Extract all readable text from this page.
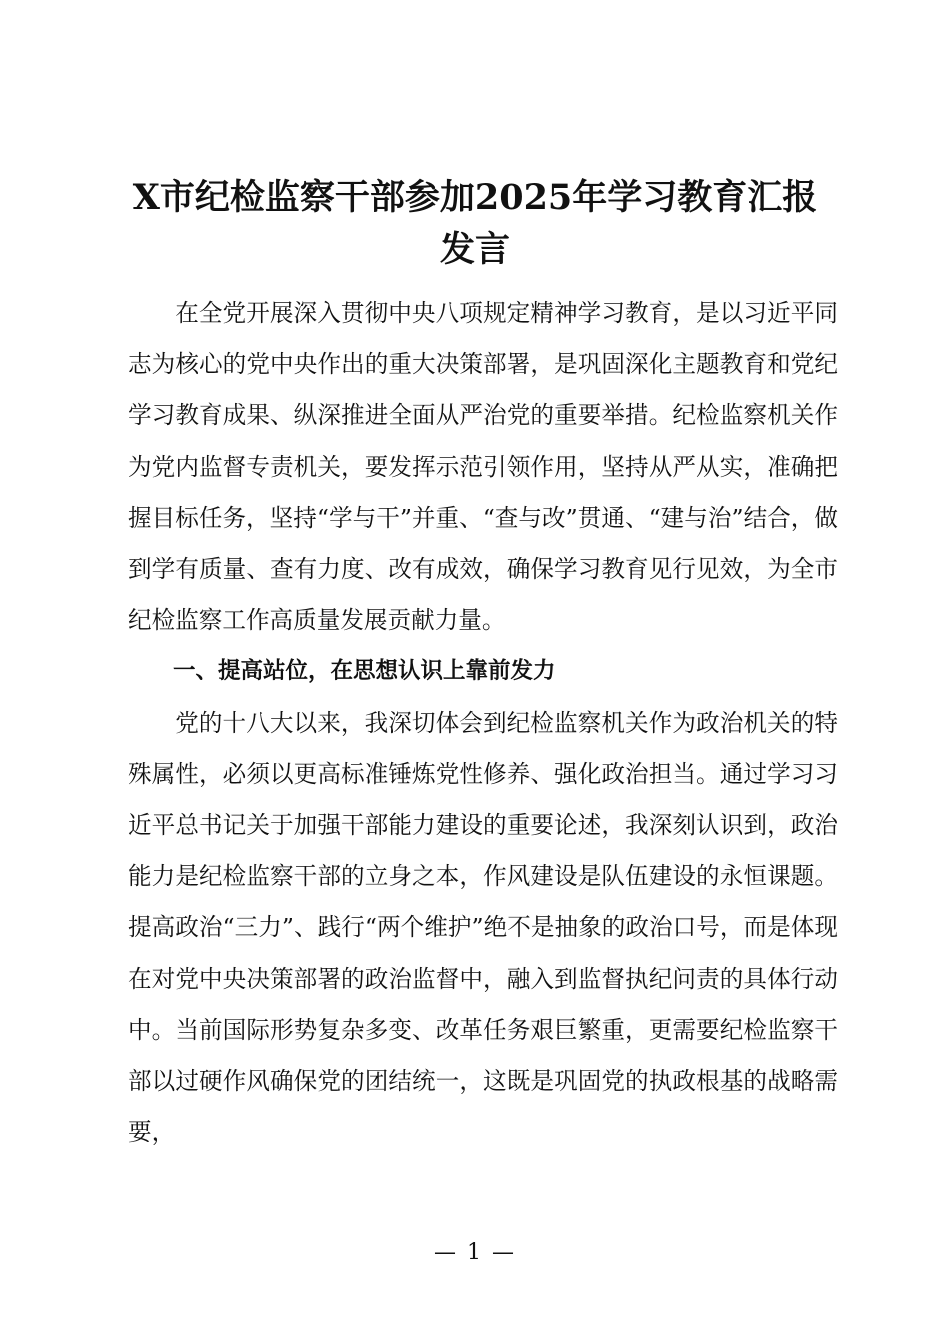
X市纪检监察干部参加2025年学习教育汇报发言

在全党开展深入贯彻中央八项规定精神学习教育，是以习近平同志为核心的党中央作出的重大决策部署，是巩固深化主题教育和党纪学习教育成果、纵深推进全面从严治党的重要举措。纪检监察机关作为党内监督专责机关，要发挥示范引领作用，坚持从严从实，准确把握目标任务，坚持“学与干”并重、“查与改”贯通、“建与治”结合，做到学有质量、查有力度、改有成效，确保学习教育见行见效，为全市纪检监察工作高质量发展贡献力量。

一、提高站位，在思想认识上靠前发力

党的十八大以来，我深切体会到纪检监察机关作为政治机关的特殊属性，必须以更高标准锤炼党性修养、强化政治担当。通过学习习近平总书记关于加强干部能力建设的重要论述，我深刻认识到，政治能力是纪检监察干部的立身之本，作风建设是队伍建设的永恒课题。提高政治“三力”、践行“两个维护”绝不是抽象的政治口号，而是体现在对党中央决策部署的政治监督中，融入到监督执纪问责的具体行动中。当前国际形势复杂多变、改革任务艰巨繁重，更需要纪检监察干部以过硬作风确保党的团结统一，这既是巩固党的执政根基的战略需要，

— 1 —
